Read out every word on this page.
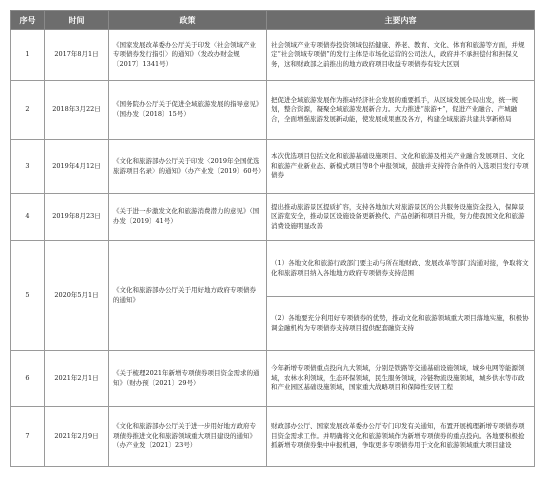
序号	时间	政策	主要内容
1	2017年8月1日	《国家发展改革委办公厅关于印发〈社会领域产业专项债券发行指引〉的通知》（发改办财金规〔2017〕1341号）	社会领域产业专项债券投资领域包括健康、养老、教育、文化、体育和旅游等方面，并规定“社会领域专项债”的发行主体是市场化运营的公司法人，政府并不承担偿付和担保义务，这和财政部之前推出的地方政府项目收益专项债券有较大区别
2	2018年3月22日	《国务院办公厅关于促进全域旅游发展的指导意见》（国办发〔2018〕15号）	把促进全域旅游发展作为推动经济社会发展的重要抓手，从区域发展全局出发，统一规划，整合资源，凝聚全域旅游发展新合力。大力推进“旅游+”，促进产业融合、产城融合，全面增强旅游发展新动能，使发展成果惠及各方，构建全域旅游共建共享新格局
3	2019年4月12日	《文化和旅游部办公厅关于印发〈2019年全国优选旅游项目名录〉的通知》（办产业发〔2019〕60号）	本次优选项目包括文化和旅游基础设施项目、文化和旅游及相关产业融合发展项目、文化和旅游产业新业态、新模式项目等8个申报领域，鼓励并支持符合条件的入选项目发行专项债券
4	2019年8月23日	《关于进一步激发文化和旅游消费潜力的意见》（国办发〔2019〕41号）	提出推动旅游景区提质扩容，支持各地加大对旅游景区的公共服务设施资金投入，保障景区游览安全，推动景区设施设备更新换代、产品创新和项目升级，努力使我国文化和旅游消费设施明显改善
5	2020年5月1日	《文化和旅游部办公厅关于用好地方政府专项债券的通知》	（1）各地文化和旅游行政部门要主动与所在地财政、发展改革等部门沟通对接，争取将文化和旅游项目纳入各地地方政府专项债券支持范围
			（2）各地要充分利用好专项债券的优势，推动文化和旅游领域重大项目落地实施，积极协调金融机构为专项债券支持项目提供配套融资支持
6	2021年2月1日	《关于梳理2021年新增专项债券项目资金需求的通知》（财办预〔2021〕29号）	今年新增专项债重点投向九大领域，分别是铁路等交通基础设施领域，城乡电网等能源领域，农林水利领域，生态环保领域，民生服务领域，冷链物流设施领域，城乡供水等市政和产业园区基础设施领域，国家重大战略项目和保障性安居工程
7	2021年2月9日	《文化和旅游部办公厅关于进一步用好地方政府专项债券推进文化和旅游领域重大项目建设的通知》（办产业发〔2021〕23号）	财政部办公厅、国家发展改革委办公厅专门印发有关通知，布置开展梳理新增专项债券项目资金需求工作。并明确将文化和旅游领域作为新增专项债券的重点投向。各地要积极抢抓新增专项债券集中申报机遇，争取更多专项债券用于文化和旅游领域重大项目建设
